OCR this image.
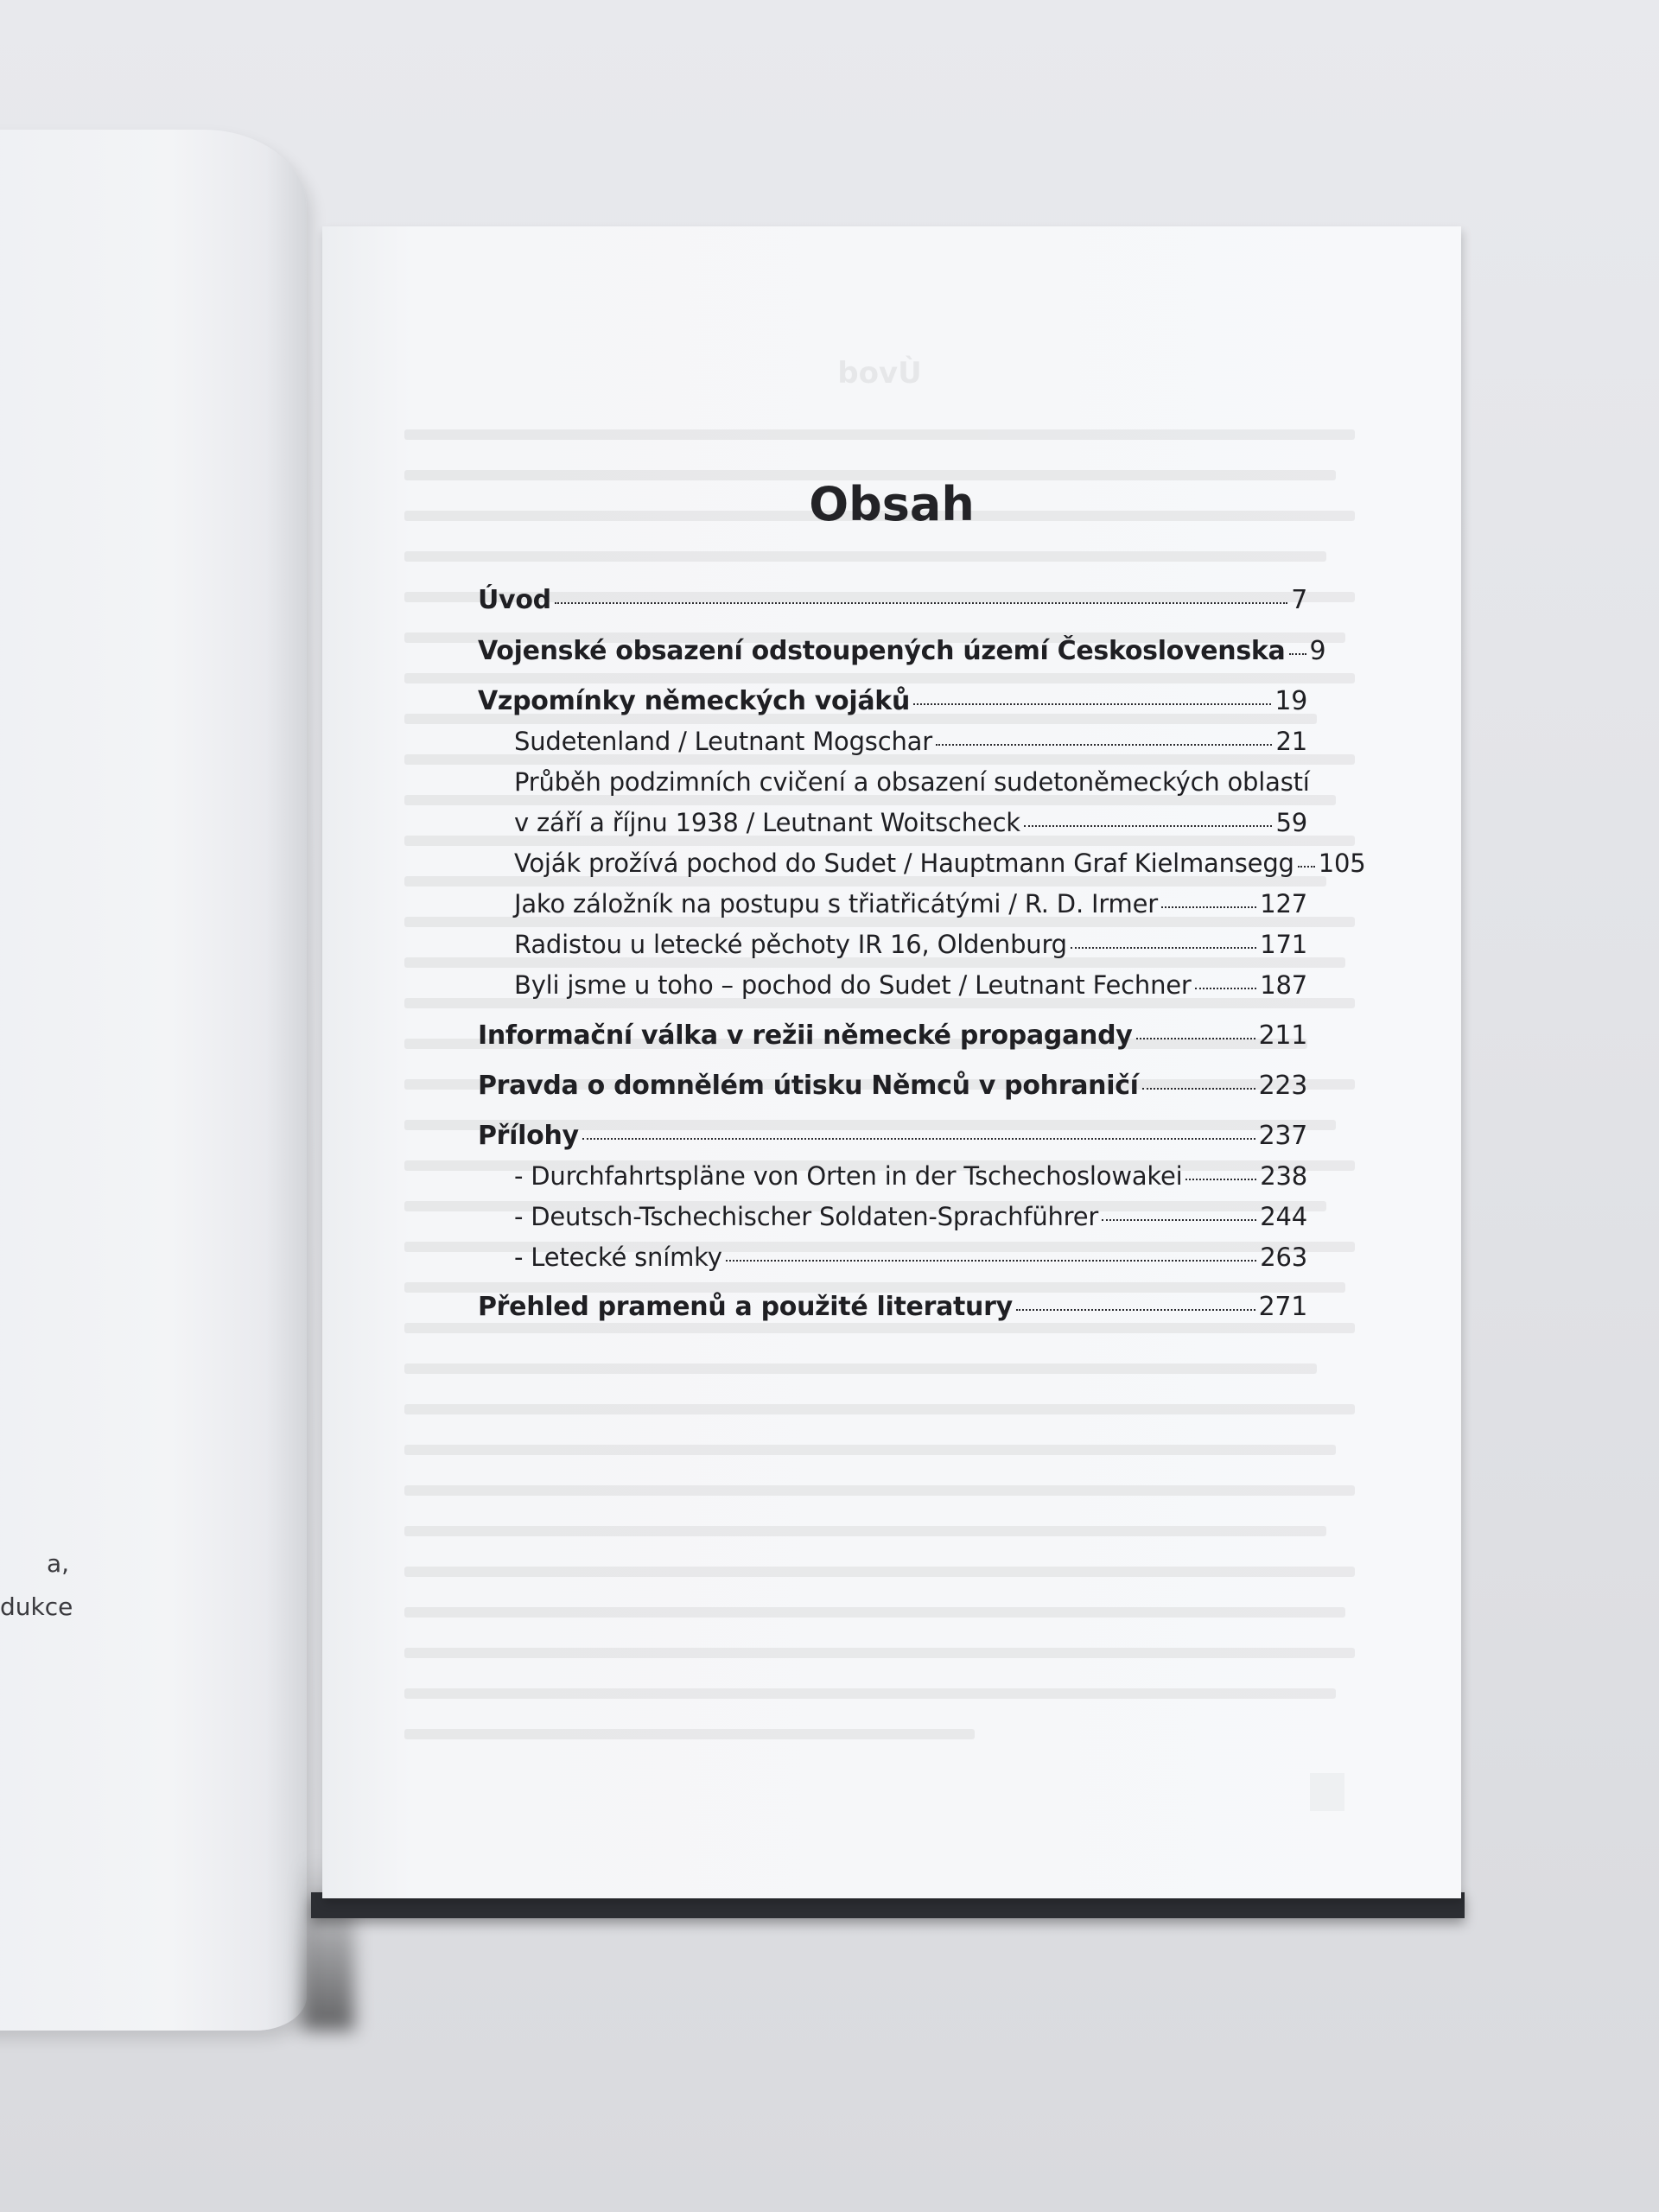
a,
dukce
Úvod
Obsah
Úvod	7
Vojenské obsazení odstoupených území Československa 9
Vzpomínky německých vojáků	19
Sudetenland / Leutnant Mogschar	21
Průběh podzimních cvičení a obsazení sudetoněmeckých oblastí
v září a říjnu 1938 / Leutnant Woitscheck	59
Voják prožívá pochod do Sudet / Hauptmann Graf Kielmansegg 105
Jako záložník na postupu s třiatřicátými / R. D. Irmer	127
Radistou u letecké pěchoty IR 16, Oldenburg	171
Byli jsme u toho – pochod do Sudet / Leutnant Fechner	187
Informační válka v režii německé propagandy	211
Pravda o domnělém útisku Němců v pohraničí	223
Přílohy	237
- Durchfahrtspläne von Orten in der Tschechoslowakei	238
- Deutsch-Tschechischer Soldaten-Sprachführer	244
- Letecké snímky	263
Přehled pramenů a použité literatury	271
